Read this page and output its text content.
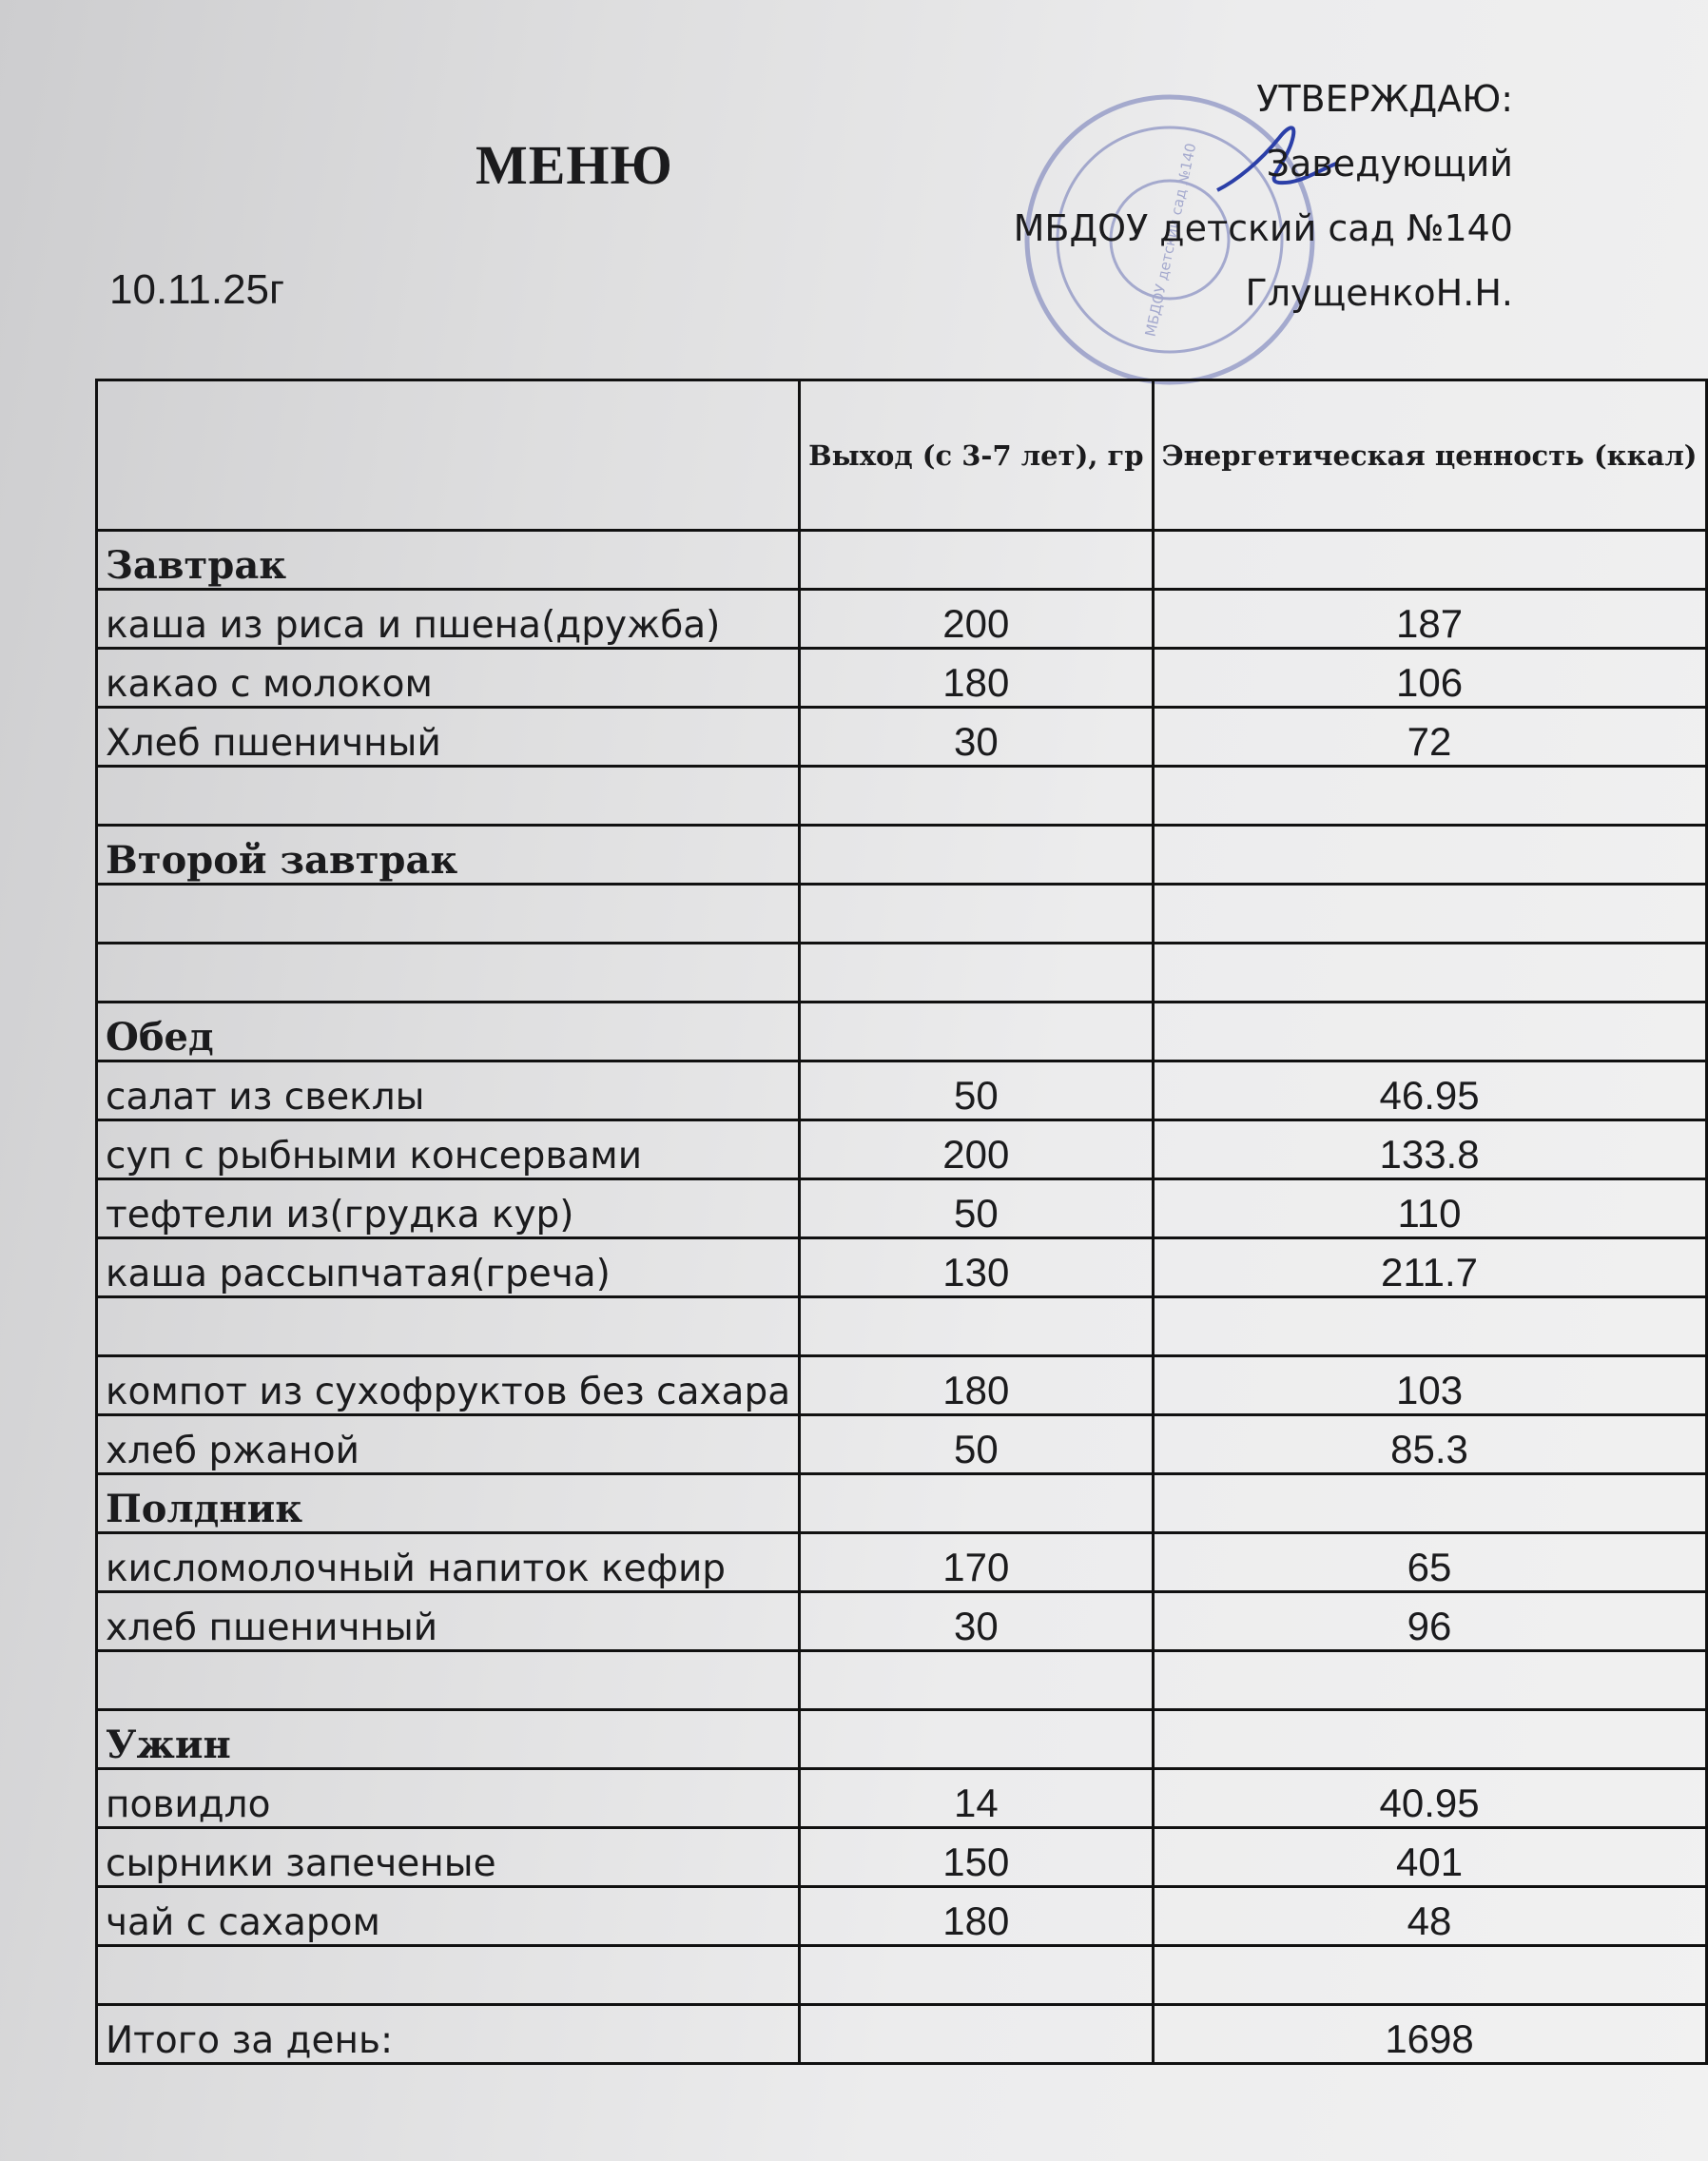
МЕНЮ
10.11.25г	МБДОУ детский сад №140
УТВЕРЖДАЮ:
Заведующий
МБДОУ детский сад №140
ГлущенкоН.Н.

	Выход (с 3-7 лет), гр	Энергетическая ценность (ккал)

Завтрак		
каша из риса и пшена(дружба)	200	187
какао с молоком	180	106
Хлеб пшеничный	30	72

Второй завтрак		

Обед		
салат из свеклы	50	46.95
суп с рыбными консервами	200	133.8
тефтели из(грудка кур)	50	110
каша рассыпчатая(греча)	130	211.7

компот из сухофруктов без сахара	180	103
хлеб ржаной	50	85.3
Полдник		
кисломолочный напиток кефир	170	65
хлеб пшеничный	30	96

Ужин		
повидло	14	40.95
сырники запеченые	150	401
чай с сахаром	180	48

Итого за день:		1698
